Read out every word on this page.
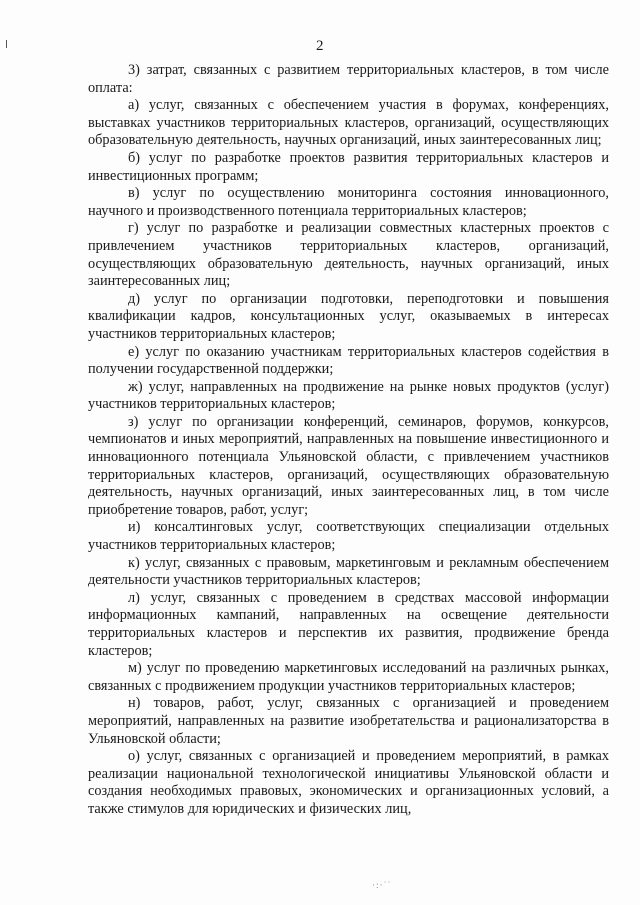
2

3) затрат, связанных с развитием территориальных кластеров, в том числе оплата:

а) услуг, связанных с обеспечением участия в форумах, конференциях, выставках участников территориальных кластеров, организаций, осуществляющих образовательную деятельность, научных организаций, иных заинтересованных лиц;

б) услуг по разработке проектов развития территориальных кластеров и инвестиционных программ;

в) услуг по осуществлению мониторинга состояния инновационного, научного и производственного потенциала территориальных кластеров;

г) услуг по разработке и реализации совместных кластерных проектов с привлечением участников территориальных кластеров, организаций, осуществляющих образовательную деятельность, научных организаций, иных заинтересованных лиц;

д) услуг по организации подготовки, переподготовки и повышения квалификации кадров, консультационных услуг, оказываемых в интересах участников территориальных кластеров;

е) услуг по оказанию участникам территориальных кластеров содействия в получении государственной поддержки;

ж) услуг, направленных на продвижение на рынке новых продуктов (услуг) участников территориальных кластеров;

з) услуг по организации конференций, семинаров, форумов, конкурсов, чемпионатов и иных мероприятий, направленных на повышение инвестиционного и инновационного потенциала Ульяновской области, с привлечением участников территориальных кластеров, организаций, осуществляющих образовательную деятельность, научных организаций, иных заинтересованных лиц, в том числе приобретение товаров, работ, услуг;

и) консалтинговых услуг, соответствующих специализации отдельных участников территориальных кластеров;

к) услуг, связанных с правовым, маркетинговым и рекламным обеспечением деятельности участников территориальных кластеров;

л) услуг, связанных с проведением в средствах массовой информации информационных кампаний, направленных на освещение деятельности территориальных кластеров и перспектив их развития, продвижение бренда кластеров;

м) услуг по проведению маркетинговых исследований на различных рынках, связанных с продвижением продукции участников территориальных кластеров;

н) товаров, работ, услуг, связанных с организацией и проведением мероприятий, направленных на развитие изобретательства и рационализаторства в Ульяновской области;

о) услуг, связанных с организацией и проведением мероприятий, в рамках реализации национальной технологической инициативы Ульяновской области и создания необходимых правовых, экономических и организационных условий, а также стимулов для юридических и физических лиц,

·:·˙˙
